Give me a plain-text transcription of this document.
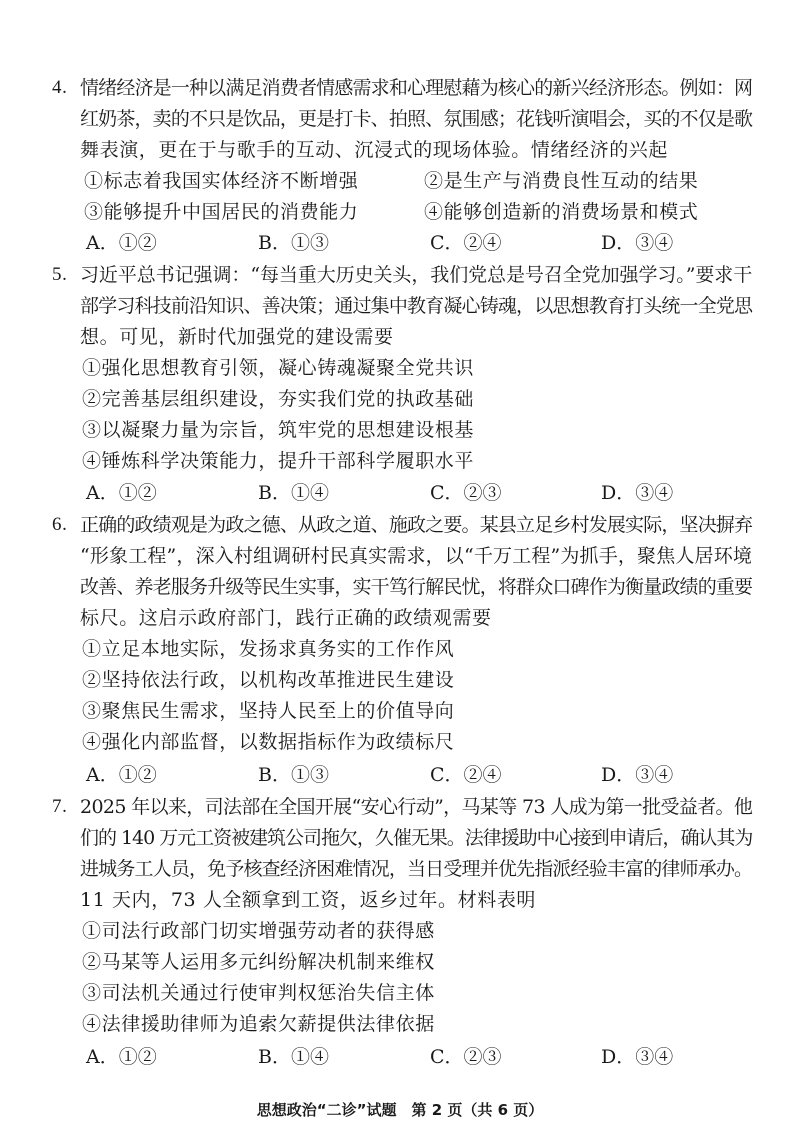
4. 情绪经济是一种以满足消费者情感需求和心理慰藉为核心的新兴经济形态。例如：网
红奶茶，卖的不只是饮品，更是打卡、拍照、氛围感；花钱听演唱会，买的不仅是歌
舞表演，更在于与歌手的互动、沉浸式的现场体验。情绪经济的兴起
①标志着我国实体经济不断增强	②是生产与消费良性互动的结果
③能够提升中国居民的消费能力	④能够创造新的消费场景和模式
A．①②	B．①③	C．②④	D．③④
5. 习近平总书记强调：“每当重大历史关头，我们党总是号召全党加强学习。”要求干
部学习科技前沿知识、善决策；通过集中教育凝心铸魂，以思想教育打头统一全党思
想。可见，新时代加强党的建设需要
①强化思想教育引领，凝心铸魂凝聚全党共识
②完善基层组织建设，夯实我们党的执政基础
③以凝聚力量为宗旨，筑牢党的思想建设根基
④锤炼科学决策能力，提升干部科学履职水平
A．①②	B．①④	C．②③	D．③④
6. 正确的政绩观是为政之德、从政之道、施政之要。某县立足乡村发展实际，坚决摒弃
“形象工程”，深入村组调研村民真实需求，以“千万工程”为抓手，聚焦人居环境
改善、养老服务升级等民生实事，实干笃行解民忧，将群众口碑作为衡量政绩的重要
标尺。这启示政府部门，践行正确的政绩观需要
①立足本地实际，发扬求真务实的工作作风
②坚持依法行政，以机构改革推进民生建设
③聚焦民生需求，坚持人民至上的价值导向
④强化内部监督，以数据指标作为政绩标尺
A．①②	B．①③	C．②④	D．③④
7. 2025 年以来，司法部在全国开展“安心行动”，马某等 73 人成为第一批受益者。他
们的 140 万元工资被建筑公司拖欠，久催无果。法律援助中心接到申请后，确认其为
进城务工人员，免予核查经济困难情况，当日受理并优先指派经验丰富的律师承办。
11 天内，73 人全额拿到工资，返乡过年。材料表明
①司法行政部门切实增强劳动者的获得感
②马某等人运用多元纠纷解决机制来维权
③司法机关通过行使审判权惩治失信主体
④法律援助律师为追索欠薪提供法律依据
A．①②	B．①④	C．②③	D．③④
思想政治“二诊”试题　第 2 页（共 6 页）
